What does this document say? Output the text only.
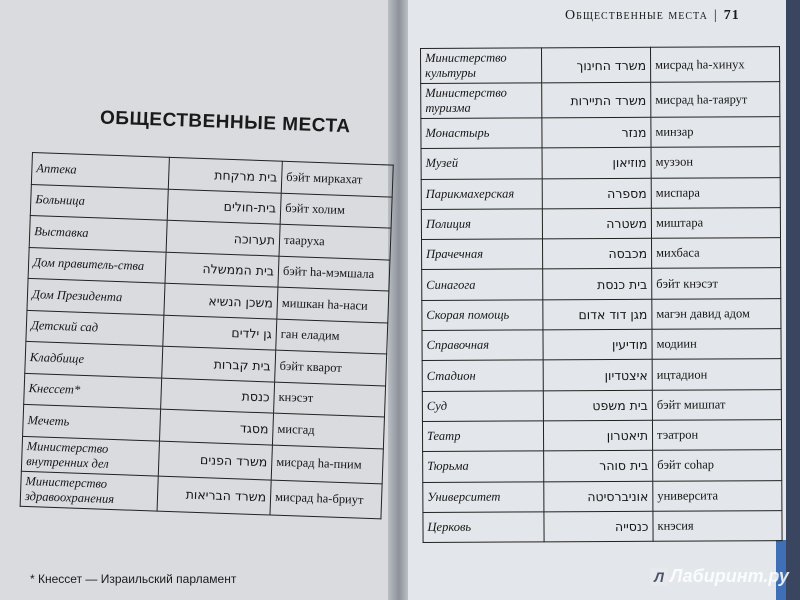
ОБЩЕСТВЕННЫЕ МЕСТА
Общественные места | 71
Аптека	בית מרקחת	бэйт миркахат
Больница	בית-חולים	бэйт холим
Выставка	תערוכה	тааруха
Дом правитель-ства	בית הממשלה	бэйт hа-мэмшала
Дом Президента	משכן הנשיא	мишкан hа-наси
Детский сад	גן ילדים	ган ела​дим
Кладбище	בית קברות	бэйт кварот
Кнессет*	כנסת	кнэсэт
Мечеть	מסגד	мисгад
Министерство внутренних дел	משרד הפנים	мисрад hа-пним
Министерство здравоохранения	משרד הבריאות	мисрад hа-бриут
Министерство культуры	משרד החינוך	мисрад hа-хинух
Министерство туризма	משרד התיירות	мисрад hа-таярут
Монастырь	מנזר	минзар
Музей	מוזיאון	музэон
Парикмахерская	מספרה	миспара
Полиция	משטרה	миштара
Прачечная	מכבסה	михбаса
Синагога	בית כנסת	бэйт кнэсэт
Скорая помощь	מגן דוד אדום	магэн давид адом
Справочная	מודיעין	модиин
Стадион	איצטדיון	иц​тадион
Суд	בית משפט	бэйт мишпат
Театр	תיאטרון	тэатрон
Тюрьма	בית סוהר	бэйт соhар
Университет	אוניברסיטה	университа
Церковь	כנסייה	кнэсия
* Кнессет — Израильский парламент	Л Лабиринт.ру
